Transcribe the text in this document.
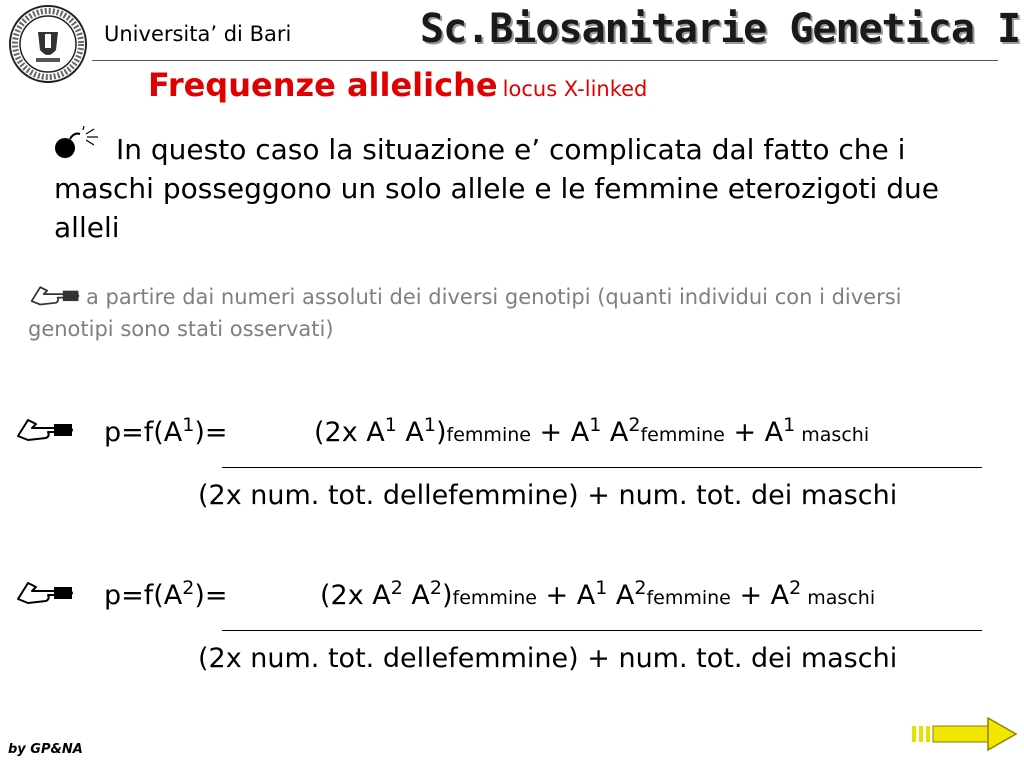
Universita’ di Bari	Sc.Biosanitarie Genetica I
Frequenze alleliche locus X-linked
In questo caso la situazione e’ complicata dal fatto che i maschi posseggono un solo allele e le femmine eterozigoti due alleli
a partire dai numeri assoluti dei diversi genotipi (quanti individui con i diversi genotipi sono stati osservati)
$p=f(A^1)=$	(2x $A^1$ $A^1)femmine + A^1$ $A^2femmine + A^1$ maschi
(2x num. tot. dellefemmine) + num. tot. dei maschi
$p=f(A^2)=$	(2x $A^2$ $A^2)femmine + A^1$ $A^2femmine + A^2$ maschi
(2x num. tot. dellefemmine) + num. tot. dei maschi
by GP&NA
